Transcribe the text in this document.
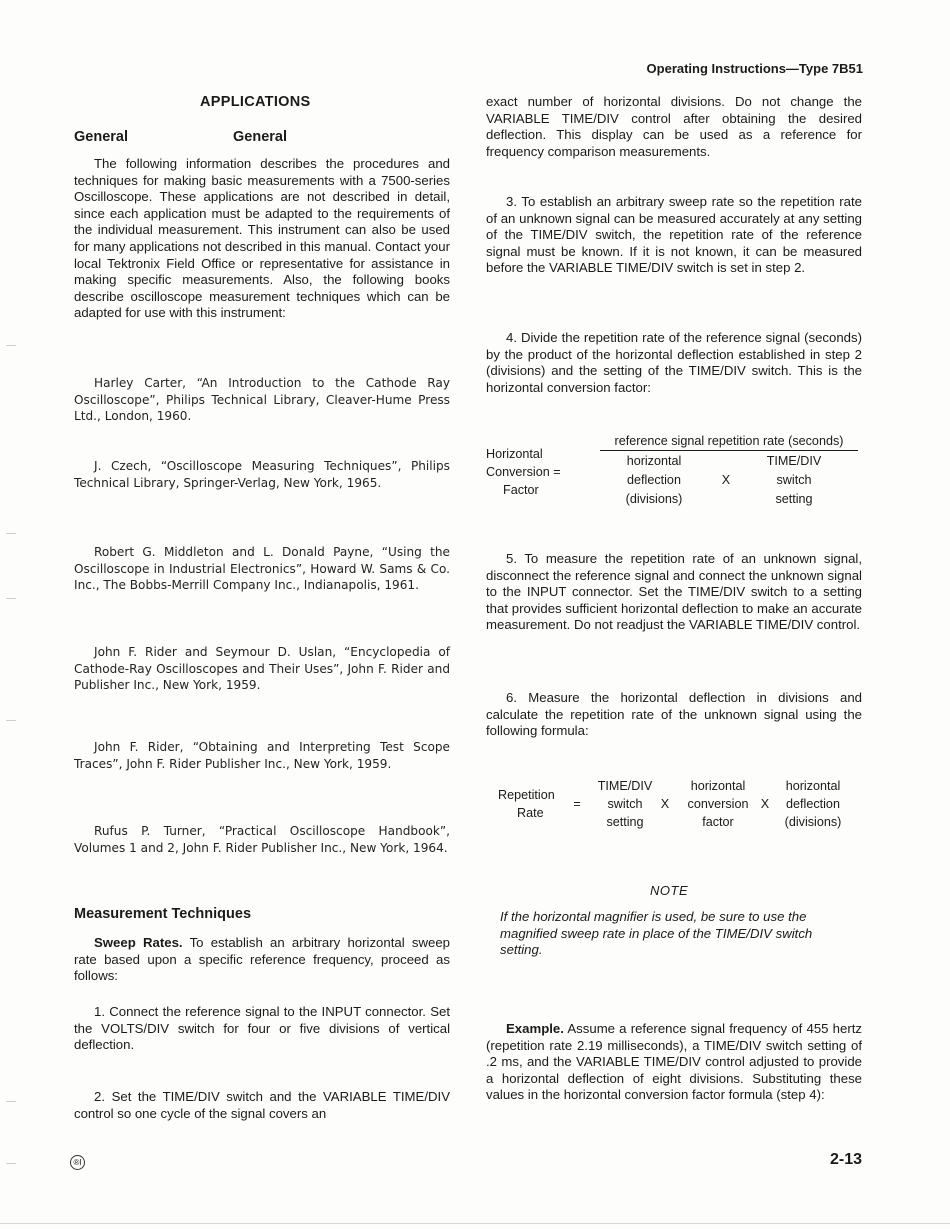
Operating Instructions—Type 7B51
APPLICATIONS
General	General
The following information describes the procedures and techniques for making basic measurements with a 7500-series Oscilloscope. These applications are not described in detail, since each application must be adapted to the requirements of the individual measurement. This instrument can also be used for many applications not described in this manual. Contact your local Tektronix Field Office or representative for assistance in making specific measurements. Also, the following books describe oscilloscope measurement techniques which can be adapted for use with this instrument:
Harley Carter, “An Introduction to the Cathode Ray Oscilloscope”, Philips Technical Library, Cleaver-Hume Press Ltd., London, 1960.
J. Czech, “Oscilloscope Measuring Techniques”, Philips Technical Library, Springer-Verlag, New York, 1965.
Robert G. Middleton and L. Donald Payne, “Using the Oscilloscope in Industrial Electronics”, Howard W. Sams & Co. Inc., The Bobbs-Merrill Company Inc., Indianapolis, 1961.
John F. Rider and Seymour D. Uslan, “Encyclopedia of Cathode-Ray Oscilloscopes and Their Uses”, John F. Rider and Publisher Inc., New York, 1959.
John F. Rider, “Obtaining and Interpreting Test Scope Traces”, John F. Rider Publisher Inc., New York, 1959.
Rufus P. Turner, “Practical Oscilloscope Handbook”, Volumes 1 and 2, John F. Rider Publisher Inc., New York, 1964.
Measurement Techniques
Sweep Rates. To establish an arbitrary horizontal sweep rate based upon a specific reference frequency, proceed as follows:
1. Connect the reference signal to the INPUT connector. Set the VOLTS/DIV switch for four or five divisions of vertical deflection.
2. Set the TIME/DIV switch and the VARIABLE TIME/DIV control so one cycle of the signal covers an
exact number of horizontal divisions. Do not change the VARIABLE TIME/DIV control after obtaining the desired deflection. This display can be used as a reference for frequency comparison measurements.
3. To establish an arbitrary sweep rate so the repetition rate of an unknown signal can be measured accurately at any setting of the TIME/DIV switch, the repetition rate of the reference signal must be known. If it is not known, it can be measured before the VARIABLE TIME/DIV switch is set in step 2.
4. Divide the repetition rate of the reference signal (seconds) by the product of the horizontal deflection established in step 2 (divisions) and the setting of the TIME/DIV switch. This is the horizontal conversion factor:
Horizontal
Conversion =
Factor
reference signal repetition rate (seconds)
horizontal
deflection
(divisions)
X
TIME/DIV
switch
setting
5. To measure the repetition rate of an unknown signal, disconnect the reference signal and connect the unknown signal to the INPUT connector. Set the TIME/DIV switch to a setting that provides sufficient horizontal deflection to make an accurate measurement. Do not readjust the VARIABLE TIME/DIV control.
6. Measure the horizontal deflection in divisions and calculate the repetition rate of the unknown signal using the following formula:
Repetition
Rate
=
TIME/DIV
switch
setting
X
horizontal
conversion
factor
X
horizontal
deflection
(divisions)
NOTE
If the horizontal magnifier is used, be sure to use the magnified sweep rate in place of the TIME/DIV switch setting.
Example. Assume a reference signal frequency of 455 hertz (repetition rate 2.19 milliseconds), a TIME/DIV switch setting of .2 ms, and the VARIABLE TIME/DIV control adjusted to provide a horizontal deflection of eight divisions. Substituting these values in the horizontal conversion factor formula (step 4):
®I	2-13
